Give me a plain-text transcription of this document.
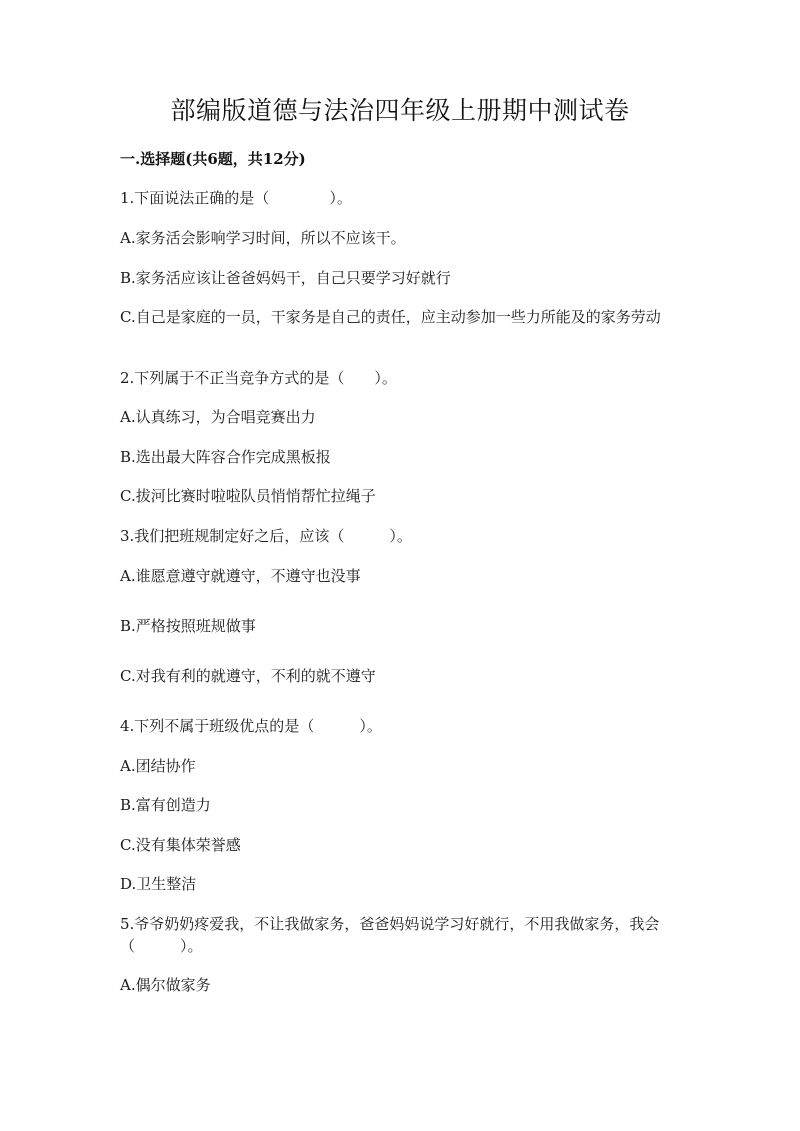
部编版道德与法治四年级上册期中测试卷
一.选择题(共6题，共12分)
1.下面说法正确的是（　　　　）。
A.家务活会影响学习时间，所以不应该干。
B.家务活应该让爸爸妈妈干，自己只要学习好就行
C.自己是家庭的一员，干家务是自己的责任，应主动参加一些力所能及的家务劳动
2.下列属于不正当竞争方式的是（　　）。
A.认真练习，为合唱竞赛出力
B.选出最大阵容合作完成黑板报
C.拔河比赛时啦啦队员悄悄帮忙拉绳子
3.我们把班规制定好之后，应该（　　　）。
A.谁愿意遵守就遵守，不遵守也没事
B.严格按照班规做事
C.对我有利的就遵守，不利的就不遵守
4.下列不属于班级优点的是（　　　）。
A.团结协作
B.富有创造力
C.没有集体荣誉感
D.卫生整洁
5.爷爷奶奶疼爱我，不让我做家务，爸爸妈妈说学习好就行，不用我做家务，我会（　　　）。
A.偶尔做家务
